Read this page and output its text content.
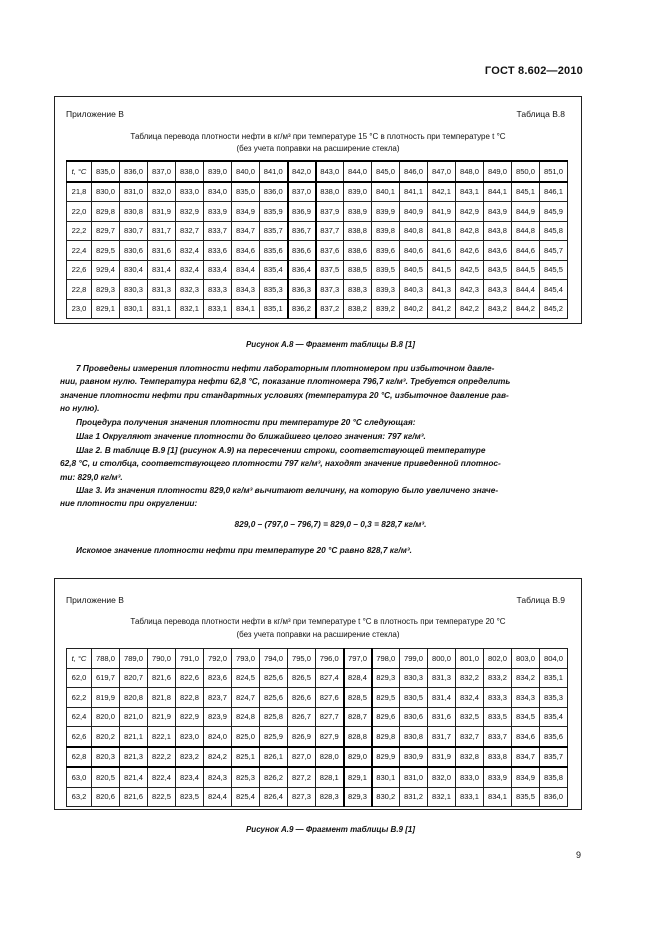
ГОСТ 8.602—2010
Приложение В	Таблица В.8
Таблица перевода плотности нефти в кг/м³ при температуре 15 °С в плотность при температуре t °С
(без учета поправки на расширение стекла)
t, °С	835,0	836,0	837,0	838,0	839,0	840,0	841,0	842,0	843,0	844,0	845,0	846,0	847,0	848,0	849,0	850,0	851,0
21,8	830,0	831,0	832,0	833,0	834,0	835,0	836,0	837,0	838,0	839,0	840,1	841,1	842,1	843,1	844,1	845,1	846,1
22,0	829,8	830,8	831,9	832,9	833,9	834,9	835,9	836,9	837,9	838,9	839,9	840,9	841,9	842,9	843,9	844,9	845,9
22,2	829,7	830,7	831,7	832,7	833,7	834,7	835,7	836,7	837,7	838,8	839,8	840,8	841,8	842,8	843,8	844,8	845,8
22,4	829,5	830,6	831,6	832,4	833,6	834,6	835,6	836,6	837,6	838,6	839,6	840,6	841,6	842,6	843,6	844,6	845,7
22,6	929,4	830,4	831,4	832,4	833,4	834,4	835,4	836,4	837,5	838,5	839,5	840,5	841,5	842,5	843,5	844,5	845,5
22,8	829,3	830,3	831,3	832,3	833,3	834,3	835,3	836,3	837,3	838,3	839,3	840,3	841,3	842,3	843,3	844,4	845,4
23,0	829,1	830,1	831,1	832,1	833,1	834,1	835,1	836,2	837,2	838,2	839,2	840,2	841,2	842,2	843,2	844,2	845,2
Рисунок А.8 — Фрагмент таблицы В.8 [1]
7 Проведены измерения плотности нефти лабораторным плотномером при избыточном давле-
нии, равном нулю. Температура нефти 62,8 °С, показание плотномера 796,7 кг/м³. Требуется определить
значение плотности нефти при стандартных условиях (температура 20 °С, избыточное давление рав-
но нулю).
Процедура получения значения плотности при температуре 20 °С следующая:
Шаг 1 Округляют значение плотности до ближайшего целого значения: 797 кг/м³.
Шаг 2. В таблице В.9 [1] (рисунок А.9) на пересечении строки, соответствующей температуре
62,8 °С, и столбца, соответствующего плотности 797 кг/м³, находят значение приведенной плотнос-
ти: 829,0 кг/м³.
Шаг 3. Из значения плотности 829,0 кг/м³ вычитают величину, на которую было увеличено значе-
ние плотности при округлении:
829,0 – (797,0 – 796,7) = 829,0 – 0,3 = 828,7 кг/м³.
Искомое значение плотности нефти при температуре 20 °С равно 828,7 кг/м³.
Приложение В	Таблица В.9
Таблица перевода плотности нефти в кг/м³ при температуре t °С в плотность при температуре 20 °С
(без учета поправки на расширение стекла)
t, °С	788,0	789,0	790,0	791,0	792,0	793,0	794,0	795,0	796,0	797,0	798,0	799,0	800,0	801,0	802,0	803,0	804,0
62,0	619,7	820,7	821,6	822,6	823,6	824,5	825,6	826,5	827,4	828,4	829,3	830,3	831,3	832,2	833,2	834,2	835,1
62,2	819,9	820,8	821,8	822,8	823,7	824,7	825,6	826,6	827,6	828,5	829,5	830,5	831,4	832,4	833,3	834,3	835,3
62,4	820,0	821,0	821,9	822,9	823,9	824,8	825,8	826,7	827,7	828,7	829,6	830,6	831,6	832,5	833,5	834,5	835,4
62,6	820,2	821,1	822,1	823,0	824,0	825,0	825,9	826,9	827,9	828,8	829,8	830,8	831,7	832,7	833,7	834,6	835,6
62,8	820,3	821,3	822,2	823,2	824,2	825,1	826,1	827,0	828,0	829,0	829,9	830,9	831,9	832,8	833,8	834,7	835,7
63,0	820,5	821,4	822,4	823,4	824,3	825,3	826,2	827,2	828,1	829,1	830,1	831,0	832,0	833,0	833,9	834,9	835,8
63,2	820,6	821,6	822,5	823,5	824,4	825,4	826,4	827,3	828,3	829,3	830,2	831,2	832,1	833,1	834,1	835,5	836,0
Рисунок А.9 — Фрагмент таблицы В.9 [1]
9
